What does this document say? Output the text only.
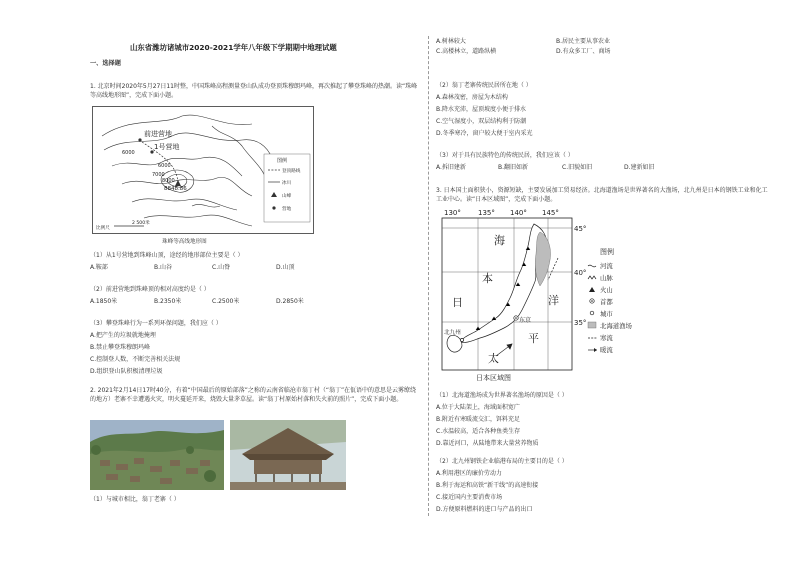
山东省潍坊诸城市2020-2021学年八年级下学期期中地理试题
一、选择题
1. 北京时间2020年5月27日11时整，中国珠峰高程测量登山队成功登顶珠穆朗玛峰，再次推起了攀登珠峰的热潮。读“珠峰等高线地形图”，完成下面小题。
前进营地
1号营地
6000
6000
7000
8000
8848.86
图例
登顶路线
冰川
山峰
营地
比例尺
2 500米
珠峰等高线地形图
（1）从1号营地到珠峰山顶，途经的地形部位主要是（ ）
A.鞍部	B.山谷	C.山脊	D.山顶
（2）前进营地到珠峰顶的相对高度约是（ ）
A.1850米	B.2350米	C.2500米	D.2850米
（3）攀登珠峰行为一系列环保问题，我们应（ ）
A.把产生的垃圾就地掩埋
B.禁止攀登珠穆朗玛峰
C.控制登人数，不断完善相关法规
D.组织登山队积极清理垃圾
2. 2021年2月14日17时40分，有着“中国最后的原始部落”之称的云南省临沧市翁丁村（“翁丁”在佤语中的意思是云雾缭绕的地方）老寨不幸遭遇火灾，明火蔓延开来，烧毁大量茅草屋。读“翁丁村原始村落和失火前的照片”，完成下面小题。
（1）与城市相比，翁丁老寨（ ）
A.树林较大	B.居民主要从事农业
C.高楼林立，道路纵横	D.有众多工厂、商场
（2）翁丁老寨传统民居所在地（ ）
A.森林茂密，房屋为木结构
B.降水充沛，屋顶坡度小便于排水
C.空气湿度小，双层结构利于防潮
D.冬季寒冷，窗户较大便于室内采光
（3）对于具有民族特色的传统民居，我们应该（ ）
A.拆旧建新	B.翻旧如新	C.旧貌如旧	D.建新如旧
3. 日本国土面积狭小，资源短缺，主要发展加工贸易经济。北海道渔场是世界著名的大渔场，北九州是日本的钢铁工业和化工工业中心。读“日本区域图”，完成下面小题。
130° 135° 140° 145°
45°
40°
35°
东京
北九州
海
本
日	洋
平
太
日本区域图
图例
河流
山脉
火山
首都
城市
北海道渔场
寒流
暖流
（1）北海道渔场成为世界著名渔场的原因是（ ）
A.位于大陆架上，海域面积宽广
B.附近有寒暖流交汇，饵料充足
C.水温较高，适合各种鱼类生存
D.靠近河口，从陆地带来大量营养物质
（2）北九州钢铁企业临港布局的主要目的是（ ）
A.利用港区的廉价劳动力
B.利于海运和高铁“新干线”的高速衔接
C.接近国内主要消费市场
D.方便原料燃料的进口与产品的出口
